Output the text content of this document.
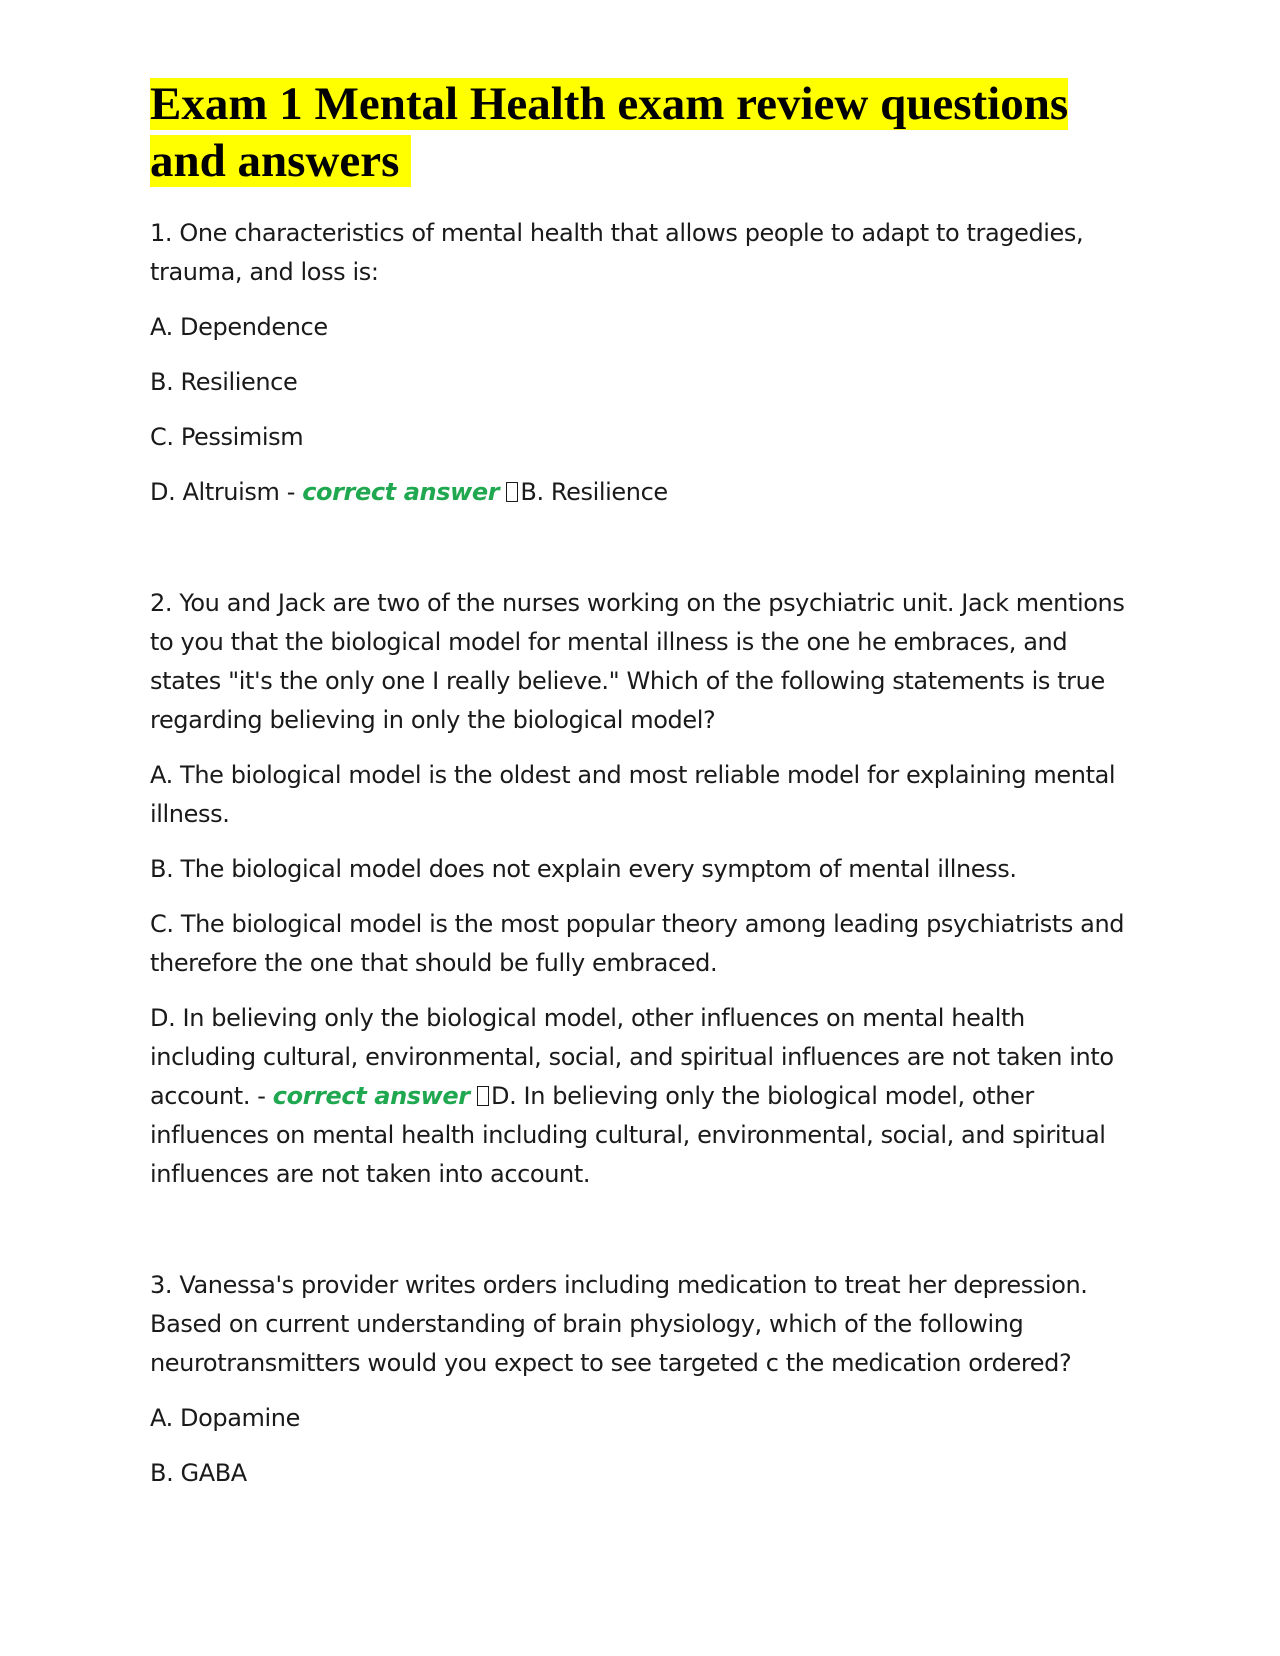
Exam 1 Mental Health exam review questions and answers

1. One characteristics of mental health that allows people to adapt to tragedies, trauma, and loss is:

A. Dependence

B. Resilience

C. Pessimism

D. Altruism - correct answer B. Resilience

2. You and Jack are two of the nurses working on the psychiatric unit. Jack mentions to you that the biological model for mental illness is the one he embraces, and states "it's the only one I really believe." Which of the following statements is true regarding believing in only the biological model?

A. The biological model is the oldest and most reliable model for explaining mental illness.

B. The biological model does not explain every symptom of mental illness.

C. The biological model is the most popular theory among leading psychiatrists and therefore the one that should be fully embraced.

D. In believing only the biological model, other influences on mental health including cultural, environmental, social, and spiritual influences are not taken into account. - correct answer D. In believing only the biological model, other influences on mental health including cultural, environmental, social, and spiritual influences are not taken into account.

3. Vanessa's provider writes orders including medication to treat her depression. Based on current understanding of brain physiology, which of the following neurotransmitters would you expect to see targeted c the medication ordered?

A. Dopamine

B. GABA
